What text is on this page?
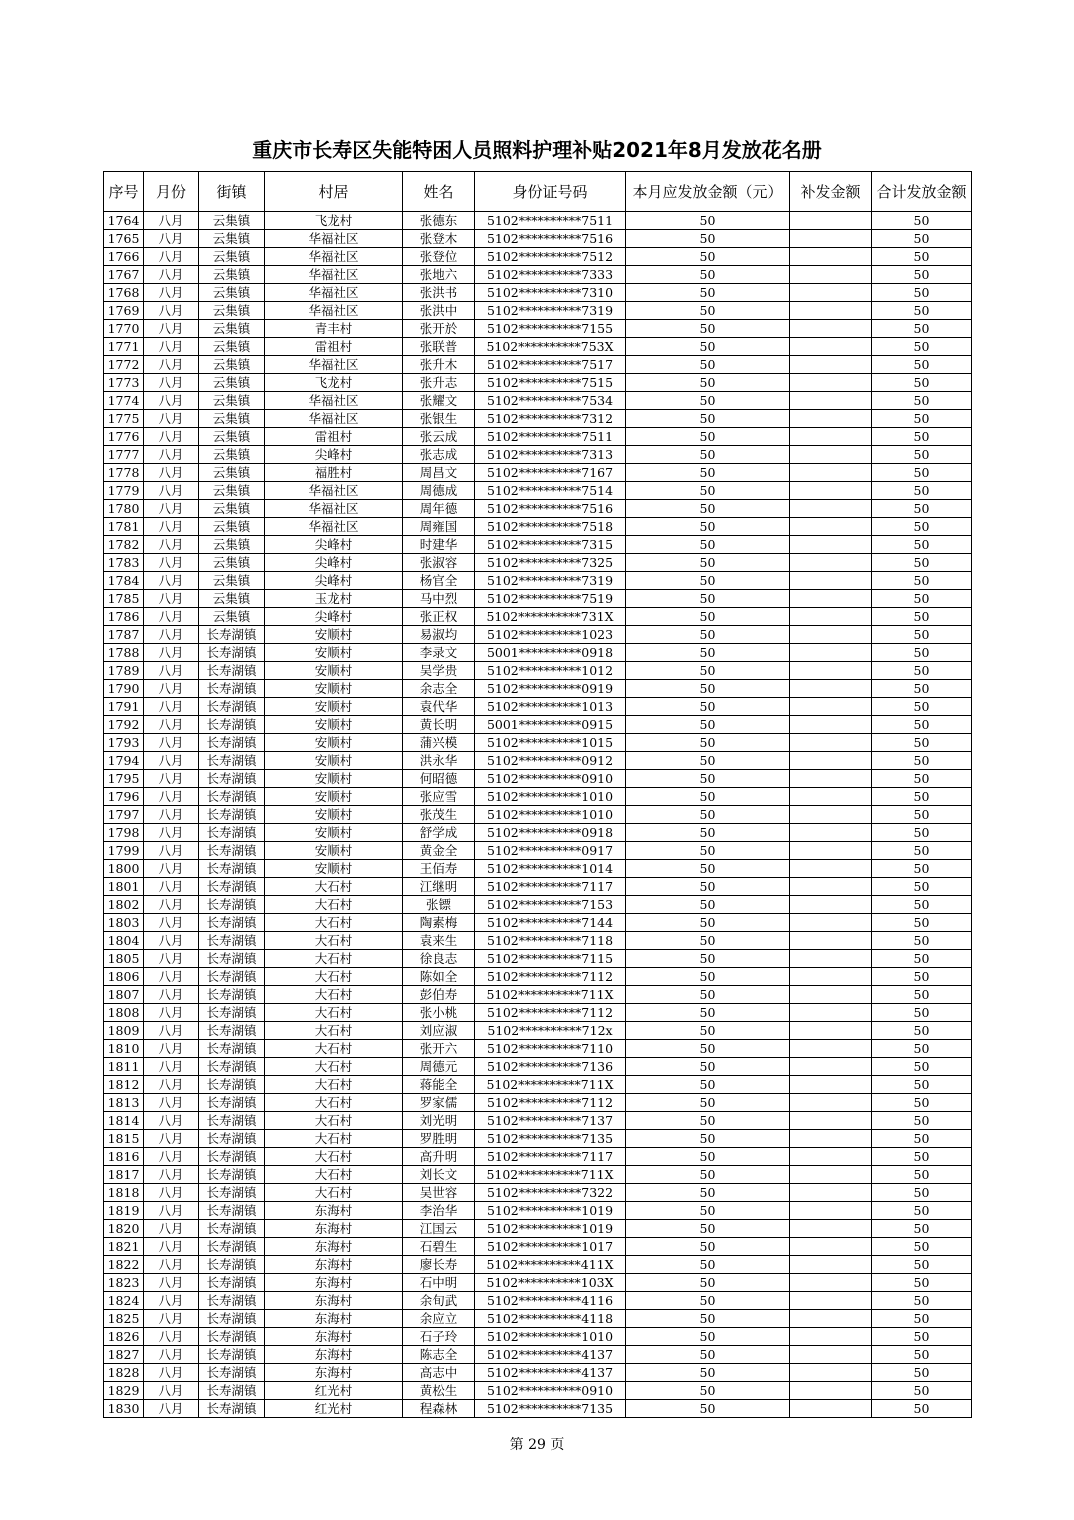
重庆市长寿区失能特困人员照料护理补贴2021年8月发放花名册
序号	月份	街镇	村居	姓名	身份证号码	本月应发放金额（元）	补发金额	合计发放金额
1764	八月	云集镇	飞龙村	张德东	5102**********7511	50		50
1765	八月	云集镇	华福社区	张登木	5102**********7516	50		50
1766	八月	云集镇	华福社区	张登位	5102**********7512	50		50
1767	八月	云集镇	华福社区	张地六	5102**********7333	50		50
1768	八月	云集镇	华福社区	张洪书	5102**********7310	50		50
1769	八月	云集镇	华福社区	张洪中	5102**********7319	50		50
1770	八月	云集镇	青丰村	张开於	5102**********7155	50		50
1771	八月	云集镇	雷祖村	张联普	5102**********753X	50		50
1772	八月	云集镇	华福社区	张升木	5102**********7517	50		50
1773	八月	云集镇	飞龙村	张升志	5102**********7515	50		50
1774	八月	云集镇	华福社区	张耀文	5102**********7534	50		50
1775	八月	云集镇	华福社区	张银生	5102**********7312	50		50
1776	八月	云集镇	雷祖村	张云成	5102**********7511	50		50
1777	八月	云集镇	尖峰村	张志成	5102**********7313	50		50
1778	八月	云集镇	福胜村	周昌文	5102**********7167	50		50
1779	八月	云集镇	华福社区	周德成	5102**********7514	50		50
1780	八月	云集镇	华福社区	周年德	5102**********7516	50		50
1781	八月	云集镇	华福社区	周雍国	5102**********7518	50		50
1782	八月	云集镇	尖峰村	时建华	5102**********7315	50		50
1783	八月	云集镇	尖峰村	张淑容	5102**********7325	50		50
1784	八月	云集镇	尖峰村	杨官全	5102**********7319	50		50
1785	八月	云集镇	玉龙村	马中烈	5102**********7519	50		50
1786	八月	云集镇	尖峰村	张正权	5102**********731X	50		50
1787	八月	长寿湖镇	安顺村	易淑均	5102**********1023	50		50
1788	八月	长寿湖镇	安顺村	李录文	5001**********0918	50		50
1789	八月	长寿湖镇	安顺村	吴学贵	5102**********1012	50		50
1790	八月	长寿湖镇	安顺村	余志全	5102**********0919	50		50
1791	八月	长寿湖镇	安顺村	袁代华	5102**********1013	50		50
1792	八月	长寿湖镇	安顺村	黄长明	5001**********0915	50		50
1793	八月	长寿湖镇	安顺村	蒲兴模	5102**********1015	50		50
1794	八月	长寿湖镇	安顺村	洪永华	5102**********0912	50		50
1795	八月	长寿湖镇	安顺村	何昭德	5102**********0910	50		50
1796	八月	长寿湖镇	安顺村	张应雪	5102**********1010	50		50
1797	八月	长寿湖镇	安顺村	张茂生	5102**********1010	50		50
1798	八月	长寿湖镇	安顺村	舒学成	5102**********0918	50		50
1799	八月	长寿湖镇	安顺村	黄金全	5102**********0917	50		50
1800	八月	长寿湖镇	安顺村	王佰寿	5102**********1014	50		50
1801	八月	长寿湖镇	大石村	江继明	5102**********7117	50		50
1802	八月	长寿湖镇	大石村	张镖	5102**********7153	50		50
1803	八月	长寿湖镇	大石村	陶素梅	5102**********7144	50		50
1804	八月	长寿湖镇	大石村	袁来生	5102**********7118	50		50
1805	八月	长寿湖镇	大石村	徐良志	5102**********7115	50		50
1806	八月	长寿湖镇	大石村	陈如全	5102**********7112	50		50
1807	八月	长寿湖镇	大石村	彭伯寿	5102**********711X	50		50
1808	八月	长寿湖镇	大石村	张小桃	5102**********7112	50		50
1809	八月	长寿湖镇	大石村	刘应淑	5102**********712x	50		50
1810	八月	长寿湖镇	大石村	张开六	5102**********7110	50		50
1811	八月	长寿湖镇	大石村	周德元	5102**********7136	50		50
1812	八月	长寿湖镇	大石村	蒋能全	5102**********711X	50		50
1813	八月	长寿湖镇	大石村	罗家儒	5102**********7112	50		50
1814	八月	长寿湖镇	大石村	刘光明	5102**********7137	50		50
1815	八月	长寿湖镇	大石村	罗胜明	5102**********7135	50		50
1816	八月	长寿湖镇	大石村	高升明	5102**********7117	50		50
1817	八月	长寿湖镇	大石村	刘长文	5102**********711X	50		50
1818	八月	长寿湖镇	大石村	吴世容	5102**********7322	50		50
1819	八月	长寿湖镇	东海村	李治华	5102**********1019	50		50
1820	八月	长寿湖镇	东海村	江国云	5102**********1019	50		50
1821	八月	长寿湖镇	东海村	石碧生	5102**********1017	50		50
1822	八月	长寿湖镇	东海村	廖长寿	5102**********411X	50		50
1823	八月	长寿湖镇	东海村	石中明	5102**********103X	50		50
1824	八月	长寿湖镇	东海村	余旬武	5102**********4116	50		50
1825	八月	长寿湖镇	东海村	余应立	5102**********4118	50		50
1826	八月	长寿湖镇	东海村	石子玲	5102**********1010	50		50
1827	八月	长寿湖镇	东海村	陈志全	5102**********4137	50		50
1828	八月	长寿湖镇	东海村	高志中	5102**********4137	50		50
1829	八月	长寿湖镇	红光村	黄松生	5102**********0910	50		50
1830	八月	长寿湖镇	红光村	程森林	5102**********7135	50		50
第 29 页
